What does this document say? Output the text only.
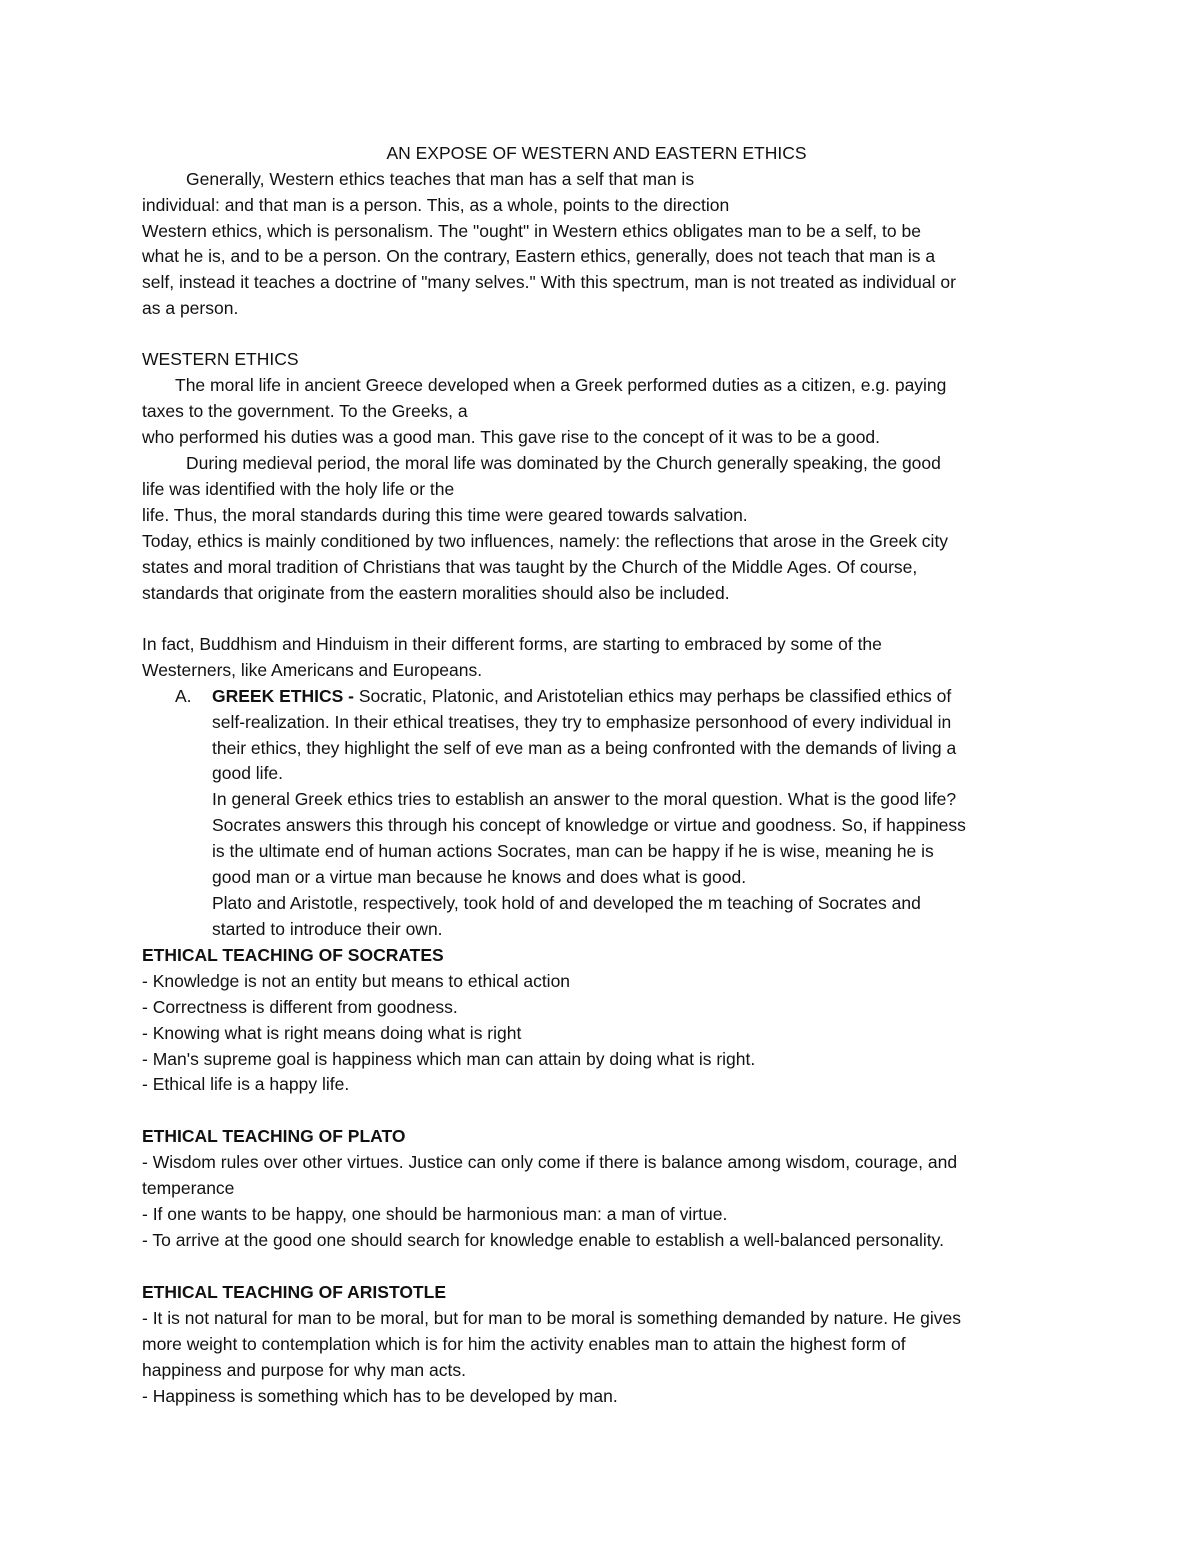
AN EXPOSE OF WESTERN AND EASTERN ETHICS

Generally, Western ethics teaches that man has a self that man is

individual: and that man is a person. This, as a whole, points to the direction

Western ethics, which is personalism. The "ought" in Western ethics obligates man to be a self, to be

what he is, and to be a person. On the contrary, Eastern ethics, generally, does not teach that man is a

self, instead it teaches a doctrine of "many selves." With this spectrum, man is not treated as individual or

as a person.

WESTERN ETHICS

The moral life in ancient Greece developed when a Greek performed duties as a citizen, e.g. paying

taxes to the government. To the Greeks, a

who performed his duties was a good man. This gave rise to the concept of it was to be a good.

During medieval period, the moral life was dominated by the Church generally speaking, the good

life was identified with the holy life or the

life. Thus, the moral standards during this time were geared towards salvation.

Today, ethics is mainly conditioned by two influences, namely: the reflections that arose in the Greek city

states and moral tradition of Christians that was taught by the Church of the Middle Ages. Of course,

standards that originate from the eastern moralities should also be included.

In fact, Buddhism and Hinduism in their different forms, are starting to embraced by some of the

Westerners, like Americans and Europeans.

A. GREEK ETHICS - Socratic, Platonic, and Aristotelian ethics may perhaps be classified ethics of

self-realization. In their ethical treatises, they try to emphasize personhood of every individual in

their ethics, they highlight the self of eve man as a being confronted with the demands of living a

good life.

In general Greek ethics tries to establish an answer to the moral question. What is the good life?

Socrates answers this through his concept of knowledge or virtue and goodness. So, if happiness

is the ultimate end of human actions Socrates, man can be happy if he is wise, meaning he is

good man or a virtue man because he knows and does what is good.

Plato and Aristotle, respectively, took hold of and developed the m teaching of Socrates and

started to introduce their own.

ETHICAL TEACHING OF SOCRATES

- Knowledge is not an entity but means to ethical action

- Correctness is different from goodness.

- Knowing what is right means doing what is right

- Man's supreme goal is happiness which man can attain by doing what is right.

- Ethical life is a happy life.

ETHICAL TEACHING OF PLATO

- Wisdom rules over other virtues. Justice can only come if there is balance among wisdom, courage, and

temperance

- If one wants to be happy, one should be harmonious man: a man of virtue.

- To arrive at the good one should search for knowledge enable to establish a well-balanced personality.

ETHICAL TEACHING OF ARISTOTLE

- It is not natural for man to be moral, but for man to be moral is something demanded by nature. He gives

more weight to contemplation which is for him the activity enables man to attain the highest form of

happiness and purpose for why man acts.

- Happiness is something which has to be developed by man.
